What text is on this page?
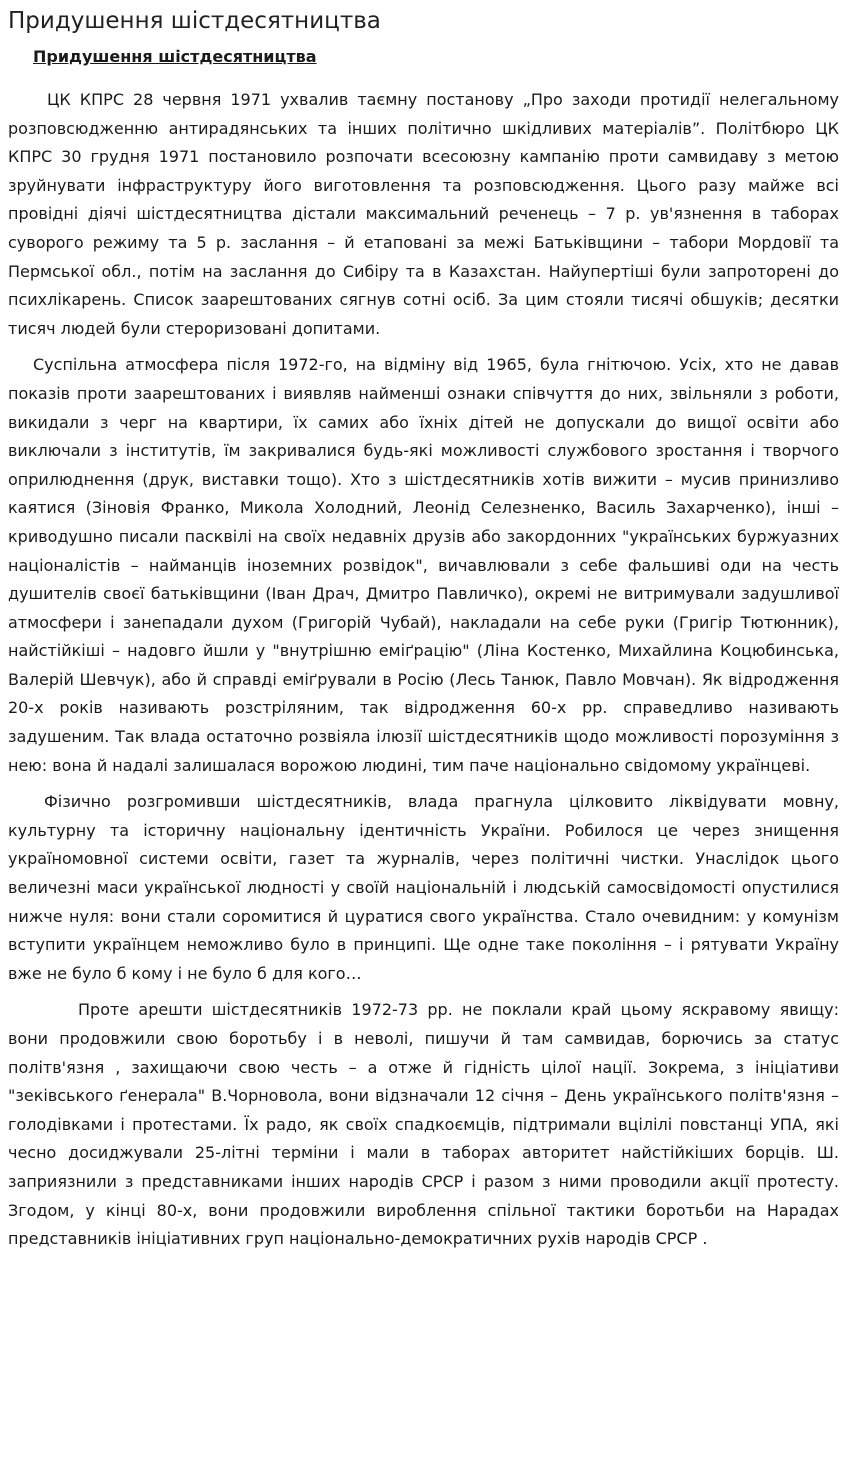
Придушення шістдесятництва
Придушення шістдесятництва

ЦК КПРС 28 червня 1971 ухвалив таємну постанову „Про заходи протидії нелегальному розповсюдженню антирадянських та інших політично шкідливих матеріалів”. Політбюро ЦК КПРС 30 грудня 1971 постановило розпочати всесоюзну кампанію проти самвидаву з метою зруйнувати інфраструктуру його виготовлення та розповсюдження. Цього разу майже всі провідні діячі шістдесятництва дістали максимальний реченець – 7 р. ув'язнення в таборах суворого режиму та 5 р. заслання – й етаповані за межі Батьківщини – табори Мордовії та Пермської обл., потім на заслання до Сибіру та в Казахстан. Найупертіші були запроторені до психлікарень. Список заарештованих сягнув сотні осіб. За цим стояли тисячі обшуків; десятки тисяч людей були стероризовані допитами.

Суспільна атмосфера після 1972-го, на відміну від 1965, була гнітючою. Усіх, хто не давав показів проти заарештованих і виявляв найменші ознаки співчуття до них, звільняли з роботи, викидали з черг на квартири, їх самих або їхніх дітей не допускали до вищої освіти або виключали з інститутів, їм закривалися будь-які можливості службового зростання і творчого оприлюднення (друк, виставки тощо). Хто з шістдесятників хотів вижити – мусив принизливо каятися (Зіновія Франко, Микола Холодний, Леонід Селезненко, Василь Захарченко), інші – криводушно писали пасквілі на своїх недавніх друзів або закордонних "українських буржуазних націоналістів – найманців іноземних розвідок", вичавлювали з себе фальшиві оди на честь душителів своєї батьківщини (Іван Драч, Дмитро Павличко), окремі не витримували задушливої атмосфери і занепадали духом (Григорій Чубай), накладали на себе руки (Григір Тютюнник), найстійкіші – надовго йшли у "внутрішню еміґрацію" (Ліна Костенко, Михайлина Коцюбинська, Валерій Шевчук), або й справді еміґрували в Росію (Лесь Танюк, Павло Мовчан). Як відродження 20-х років називають розстріляним, так відродження 60-х рр. справедливо називають задушеним. Так влада остаточно розвіяла ілюзії шістдесятників щодо можливості порозуміння з нею: вона й надалі залишалася ворожою людині, тим паче національно свідомому українцеві.

Фізично розгромивши шістдесятників, влада прагнула цілковито ліквідувати мовну, культурну та історичну національну ідентичність України. Робилося це через знищення україномовної системи освіти, газет та журналів, через політичні чистки. Унаслідок цього величезні маси української людності у своїй національній і людській самосвідомості опустилися нижче нуля: вони стали соромитися й цуратися свого українства. Стало очевидним: у комунізм вступити українцем неможливо було в принципі. Ще одне таке покоління – і рятувати Україну вже не було б кому і не було б для кого…

Проте арешти шістдесятників 1972-73 рр. не поклали край цьому яскравому явищу: вони продовжили свою боротьбу і в неволі, пишучи й там самвидав, борючись за статус політв'язня , захищаючи свою честь – а отже й гідність цілої нації. Зокрема, з ініціативи "зеківського ґенерала" В.Чорновола, вони відзначали 12 січня – День українського політв'язня – голодівками і протестами. Їх радо, як своїх спадкоємців, підтримали вцілілі повстанці УПА, які чесно досиджували 25-літні терміни і мали в таборах авторитет найстійкіших борців. Ш. заприязнили з представниками інших народів СРСР і разом з ними проводили акції протесту. Згодом, у кінці 80-х, вони продовжили вироблення спільної тактики боротьби на Нарадах представників ініціативних груп національно-демократичних рухів народів СРСР .
